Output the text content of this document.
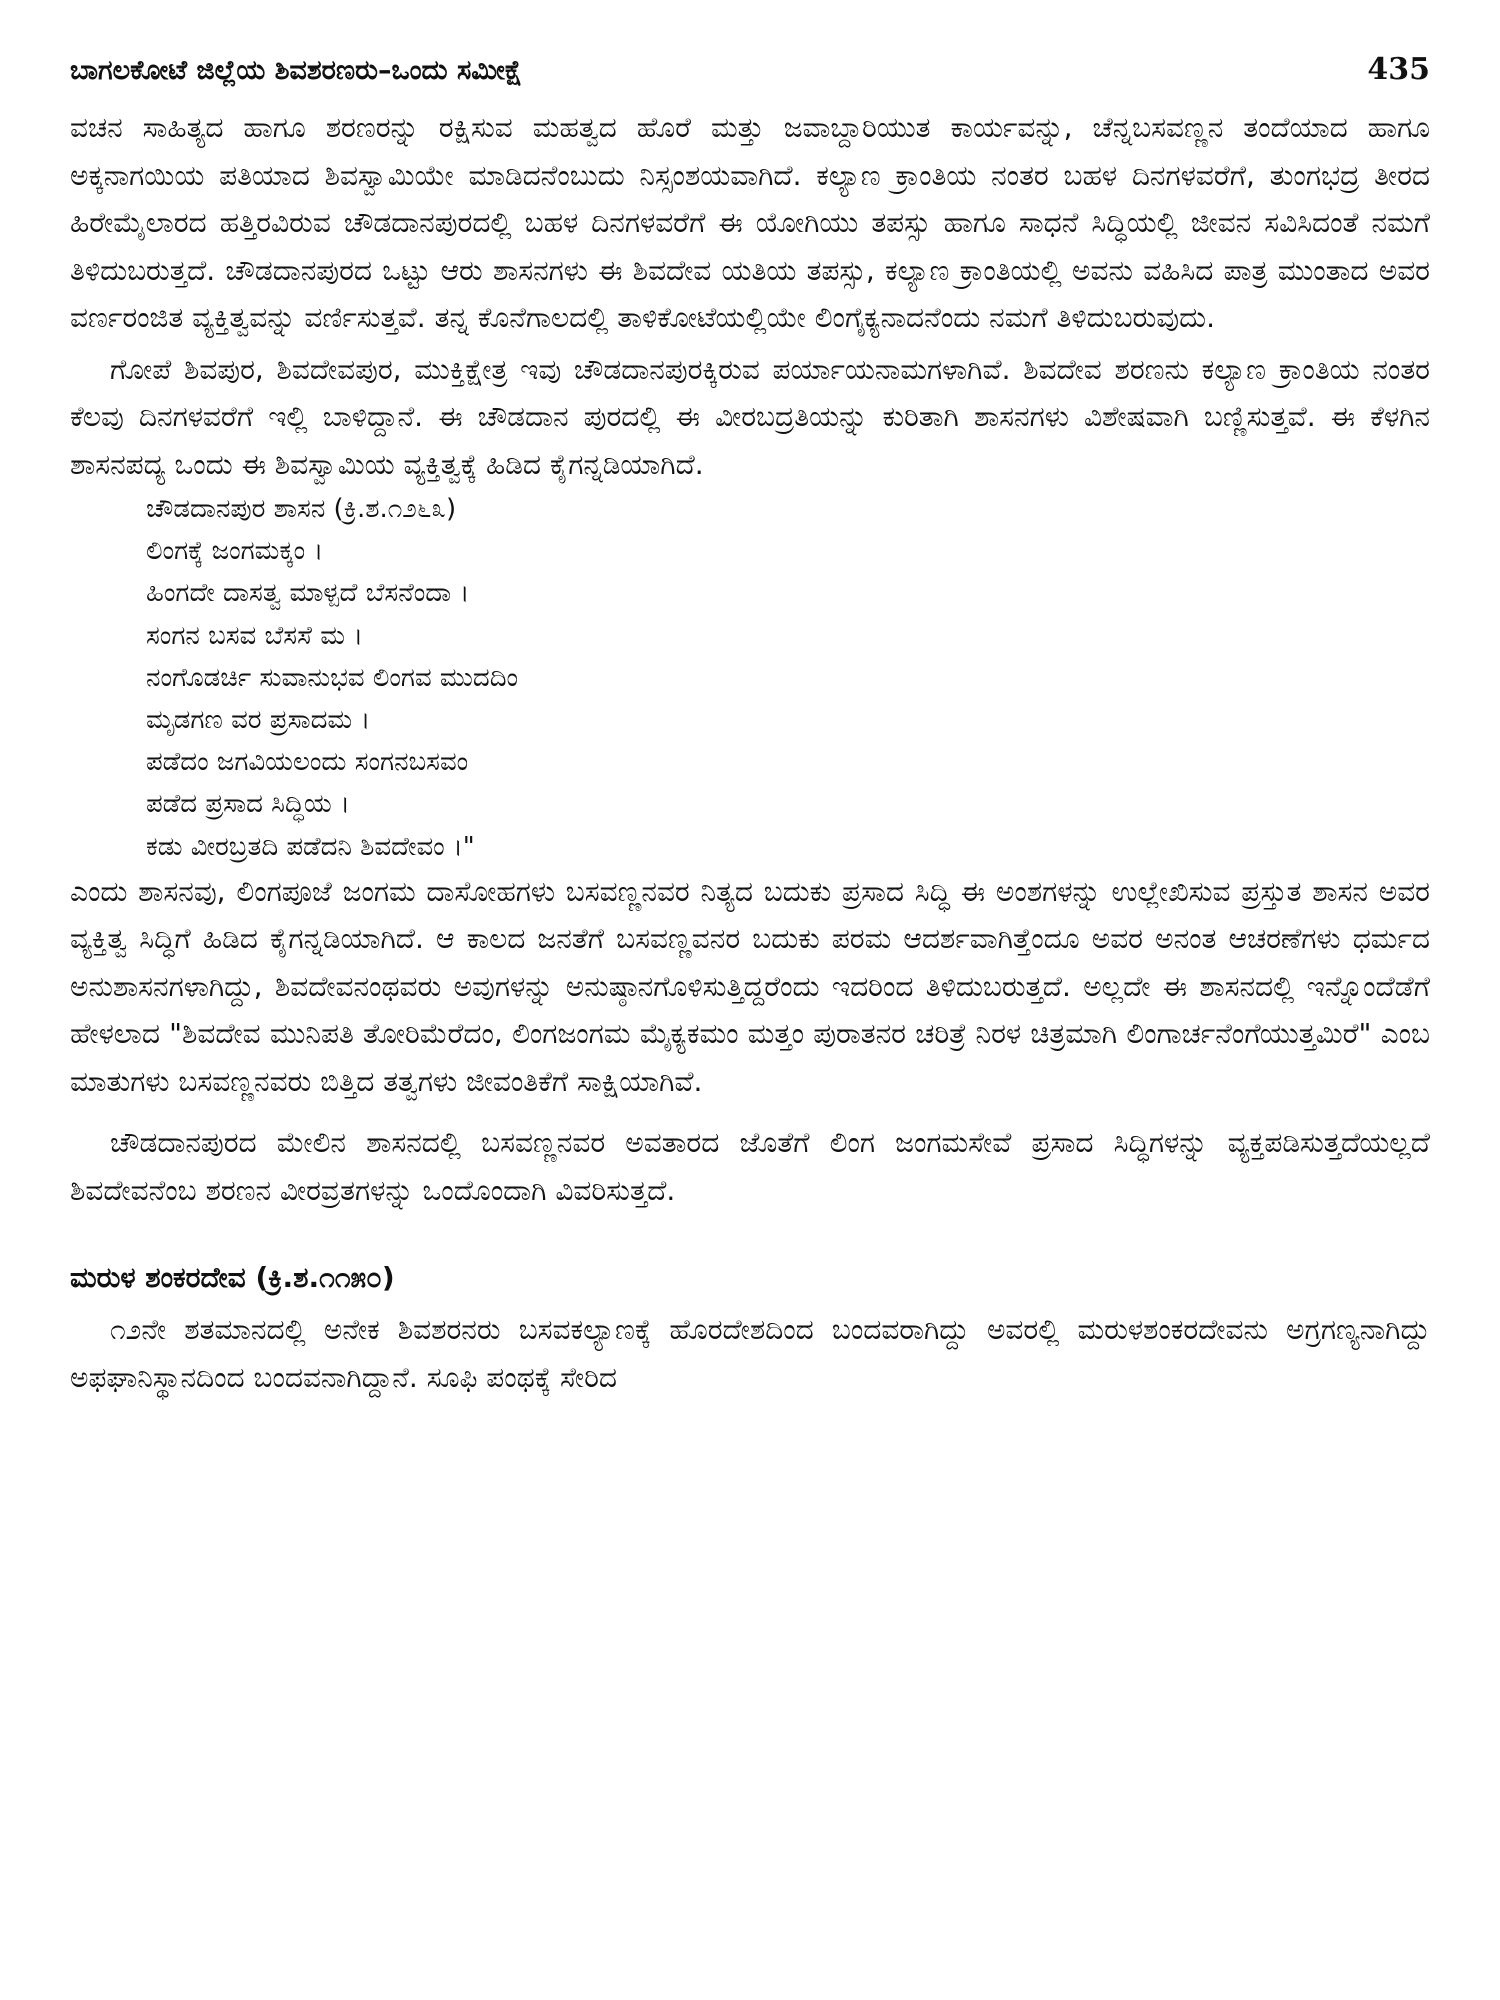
ಬಾಗಲಕೋಟೆ ಜಿಲ್ಲೆಯ ಶಿವಶರಣರು–ಒಂದು ಸಮೀಕ್ಷೆ	435

ವಚನ ಸಾಹಿತ್ಯದ ಹಾಗೂ ಶರಣರನ್ನು ರಕ್ಷಿಸುವ ಮಹತ್ವದ ಹೊರೆ ಮತ್ತು ಜವಾಬ್ದಾರಿಯುತ ಕಾರ್ಯವನ್ನು, ಚೆನ್ನಬಸವಣ್ಣನ ತಂದೆಯಾದ ಹಾಗೂ ಅಕ್ಕನಾಗಯಿಯ ಪತಿಯಾದ ಶಿವಸ್ವಾಮಿಯೇ ಮಾಡಿದನೆಂಬುದು ನಿಸ್ಸಂಶಯವಾಗಿದೆ. ಕಲ್ಯಾಣ ಕ್ರಾಂತಿಯ ನಂತರ ಬಹಳ ದಿನಗಳವರೆಗೆ, ತುಂಗಭದ್ರ ತೀರದ ಹಿರೇಮೈಲಾರದ ಹತ್ತಿರವಿರುವ ಚೌಡದಾನಪುರದಲ್ಲಿ ಬಹಳ ದಿನಗಳವರೆಗೆ ಈ ಯೋಗಿಯು ತಪಸ್ಸು ಹಾಗೂ ಸಾಧನೆ ಸಿದ್ಧಿಯಲ್ಲಿ ಜೀವನ ಸವಿಸಿದಂತೆ ನಮಗೆ ತಿಳಿದುಬರುತ್ತದೆ. ಚೌಡದಾನಪುರದ ಒಟ್ಟು ಆರು ಶಾಸನಗಳು ಈ ಶಿವದೇವ ಯತಿಯ ತಪಸ್ಸು, ಕಲ್ಯಾಣ ಕ್ರಾಂತಿಯಲ್ಲಿ ಅವನು ವಹಿಸಿದ ಪಾತ್ರ ಮುಂತಾದ ಅವರ ವರ್ಣರಂಜಿತ ವ್ಯಕ್ತಿತ್ವವನ್ನು ವರ್ಣಿಸುತ್ತವೆ. ತನ್ನ ಕೊನೆಗಾಲದಲ್ಲಿ ತಾಳಿಕೋಟೆಯಲ್ಲಿಯೇ ಲಿಂಗೈಕ್ಯನಾದನೆಂದು ನಮಗೆ ತಿಳಿದುಬರುವುದು.

ಗೋಪೆ ಶಿವಪುರ, ಶಿವದೇವಪುರ, ಮುಕ್ತಿಕ್ಷೇತ್ರ ಇವು ಚೌಡದಾನಪುರಕ್ಕಿರುವ ಪರ್ಯಾಯನಾಮಗಳಾಗಿವೆ. ಶಿವದೇವ ಶರಣನು ಕಲ್ಯಾಣ ಕ್ರಾಂತಿಯ ನಂತರ ಕೆಲವು ದಿನಗಳವರೆಗೆ ಇಲ್ಲಿ ಬಾಳಿದ್ದಾನೆ. ಈ ಚೌಡದಾನ ಪುರದಲ್ಲಿ ಈ ವೀರಬದ್ರತಿಯನ್ನು ಕುರಿತಾಗಿ ಶಾಸನಗಳು ವಿಶೇಷವಾಗಿ ಬಣ್ಣಿಸುತ್ತವೆ. ಈ ಕೆಳಗಿನ ಶಾಸನಪದ್ಯ ಒಂದು ಈ ಶಿವಸ್ವಾಮಿಯ ವ್ಯಕ್ತಿತ್ವಕ್ಕೆ ಹಿಡಿದ ಕೈಗನ್ನಡಿಯಾಗಿದೆ.

ಚೌಡದಾನಪುರ ಶಾಸನ (ಕ್ರಿ.ಶ.೧೨೬೩)
ಲಿಂಗಕ್ಕೆ ಜಂಗಮಕ್ಕಂ ।
ಹಿಂಗದೇ ದಾಸತ್ವ ಮಾಳ್ಪದೆ ಬೆಸನೆಂದಾ ।
ಸಂಗನ ಬಸವ ಬೆಸಸೆ ಮ ।
ನಂಗೊಡರ್ಚಿ ಸುವಾನುಭವ ಲಿಂಗವ ಮುದದಿಂ
ಮೃಡಗಣ ವರ ಪ್ರಸಾದಮ ।
ಪಡೆದಂ ಜಗವಿಯಲಂದು ಸಂಗನಬಸವಂ
ಪಡೆದ ಪ್ರಸಾದ ಸಿದ್ಧಿಯ ।
ಕಡು ವೀರಬ್ರತದಿ ಪಡೆದನಿ ಶಿವದೇವಂ ।"

ಎಂದು ಶಾಸನವು, ಲಿಂಗಪೂಜೆ ಜಂಗಮ ದಾಸೋಹಗಳು ಬಸವಣ್ಣನವರ ನಿತ್ಯದ ಬದುಕು ಪ್ರಸಾದ ಸಿದ್ಧಿ ಈ ಅಂಶಗಳನ್ನು ಉಲ್ಲೇಖಿಸುವ ಪ್ರಸ್ತುತ ಶಾಸನ ಅವರ ವ್ಯಕ್ತಿತ್ವ ಸಿದ್ಧಿಗೆ ಹಿಡಿದ ಕೈಗನ್ನಡಿಯಾಗಿದೆ. ಆ ಕಾಲದ ಜನತೆಗೆ ಬಸವಣ್ಣವನರ ಬದುಕು ಪರಮ ಆದರ್ಶವಾಗಿತ್ತೆಂದೂ ಅವರ ಅನಂತ ಆಚರಣೆಗಳು ಧರ್ಮದ ಅನುಶಾಸನಗಳಾಗಿದ್ದು, ಶಿವದೇವನಂಥವರು ಅವುಗಳನ್ನು ಅನುಷ್ಠಾನಗೊಳಿಸುತ್ತಿದ್ದರೆಂದು ಇದರಿಂದ ತಿಳಿದುಬರುತ್ತದೆ. ಅಲ್ಲದೇ ಈ ಶಾಸನದಲ್ಲಿ ಇನ್ನೊಂದೆಡೆಗೆ ಹೇಳಲಾದ "ಶಿವದೇವ ಮುನಿಪತಿ ತೋರಿಮೆರೆದಂ, ಲಿಂಗಜಂಗಮ ಮೈಕ್ಯಕಮಂ ಮತ್ತಂ ಪುರಾತನರ ಚರಿತ್ರೆ ನಿರಳ ಚಿತ್ರಮಾಗಿ ಲಿಂಗಾರ್ಚನೆಂಗೆಯುತ್ತಮಿರೆ" ಎಂಬ ಮಾತುಗಳು ಬಸವಣ್ಣನವರು ಬಿತ್ತಿದ ತತ್ವಗಳು ಜೀವಂತಿಕೆಗೆ ಸಾಕ್ಷಿಯಾಗಿವೆ.

ಚೌಡದಾನಪುರದ ಮೇಲಿನ ಶಾಸನದಲ್ಲಿ ಬಸವಣ್ಣನವರ ಅವತಾರದ ಜೊತೆಗೆ ಲಿಂಗ ಜಂಗಮಸೇವೆ ಪ್ರಸಾದ ಸಿದ್ಧಿಗಳನ್ನು ವ್ಯಕ್ತಪಡಿಸುತ್ತದೆಯಲ್ಲದೆ ಶಿವದೇವನೆಂಬ ಶರಣನ ವೀರವ್ರತಗಳನ್ನು ಒಂದೊಂದಾಗಿ ವಿವರಿಸುತ್ತದೆ.

ಮರುಳ ಶಂಕರದೇವ (ಕ್ರಿ.ಶ.೧೧೫೦)

೧೨ನೇ ಶತಮಾನದಲ್ಲಿ ಅನೇಕ ಶಿವಶರನರು ಬಸವಕಲ್ಯಾಣಕ್ಕೆ ಹೊರದೇಶದಿಂದ ಬಂದವರಾಗಿದ್ದು ಅವರಲ್ಲಿ ಮರುಳಶಂಕರದೇವನು ಅಗ್ರಗಣ್ಯನಾಗಿದ್ದು ಅಫಘಾನಿಸ್ಥಾನದಿಂದ ಬಂದವನಾಗಿದ್ದಾನೆ. ಸೂಫಿ ಪಂಥಕ್ಕೆ ಸೇರಿದ
